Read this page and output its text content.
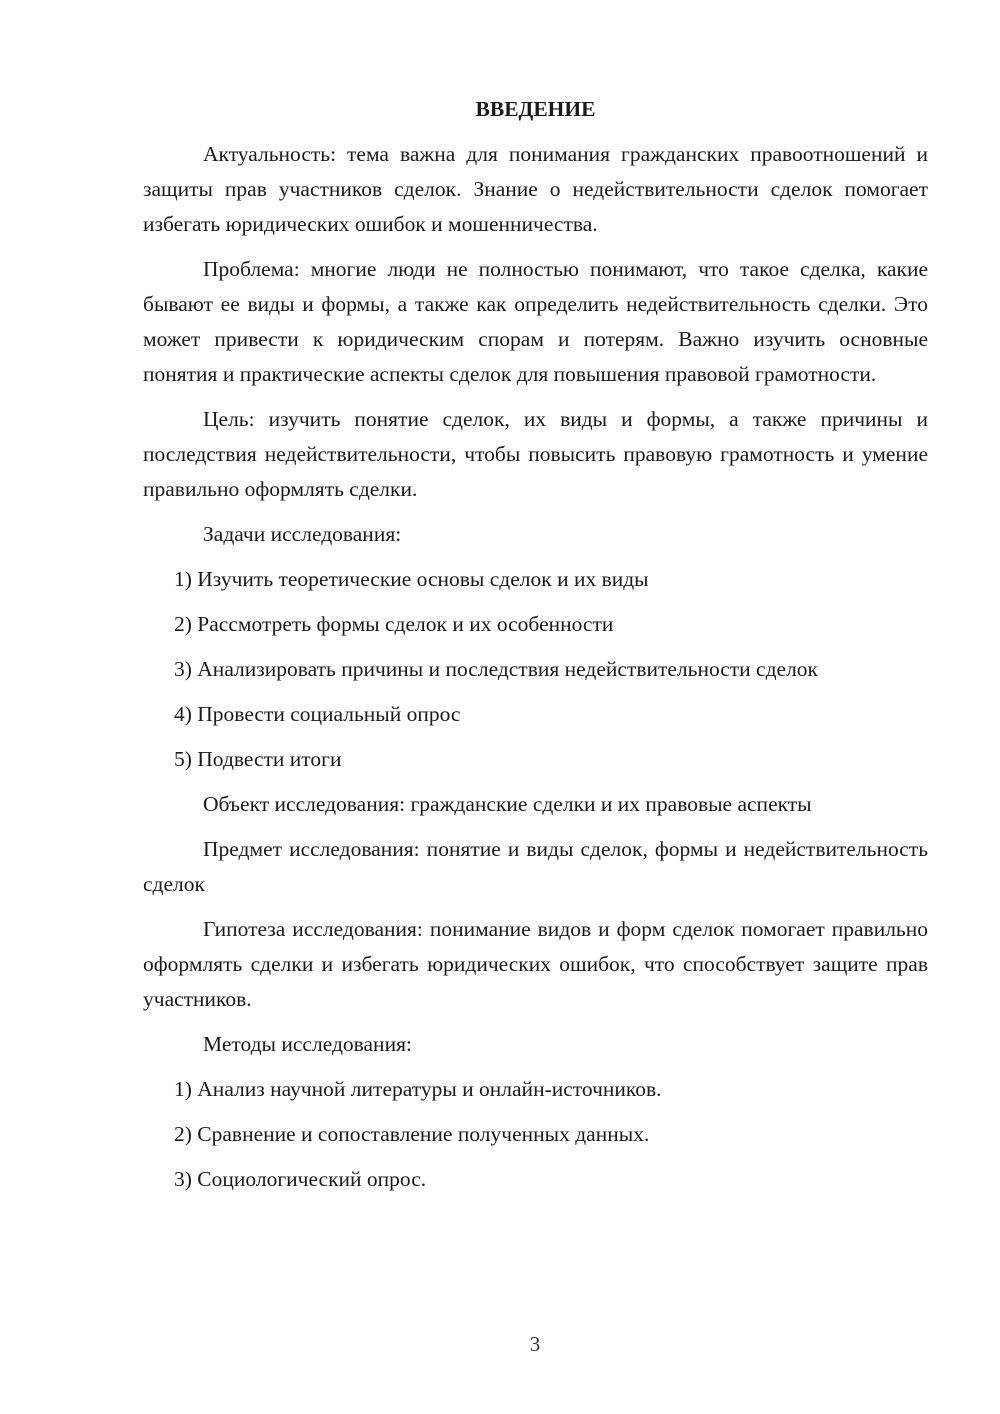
ВВЕДЕНИЕ

Актуальность: тема важна для понимания гражданских правоотношений и защиты прав участников сделок. Знание о недействительности сделок помогает избегать юридических ошибок и мошенничества.

Проблема: многие люди не полностью понимают, что такое сделка, какие бывают ее виды и формы, а также как определить недействительность сделки. Это может привести к юридическим спорам и потерям. Важно изучить основные понятия и практические аспекты сделок для повышения правовой грамотности.

Цель: изучить понятие сделок, их виды и формы, а также причины и последствия недействительности, чтобы повысить правовую грамотность и умение правильно оформлять сделки.

Задачи исследования:

1) Изучить теоретические основы сделок и их виды
2) Рассмотреть формы сделок и их особенности
3) Анализировать причины и последствия недействительности сделок
4) Провести социальный опрос
5) Подвести итоги

Объект исследования: гражданские сделки и их правовые аспекты

Предмет исследования: понятие и виды сделок, формы и недействительность сделок

Гипотеза исследования: понимание видов и форм сделок помогает правильно оформлять сделки и избегать юридических ошибок, что способствует защите прав участников.

Методы исследования:

1) Анализ научной литературы и онлайн-источников.
2) Сравнение и сопоставление полученных данных.
3) Социологический опрос.
3
